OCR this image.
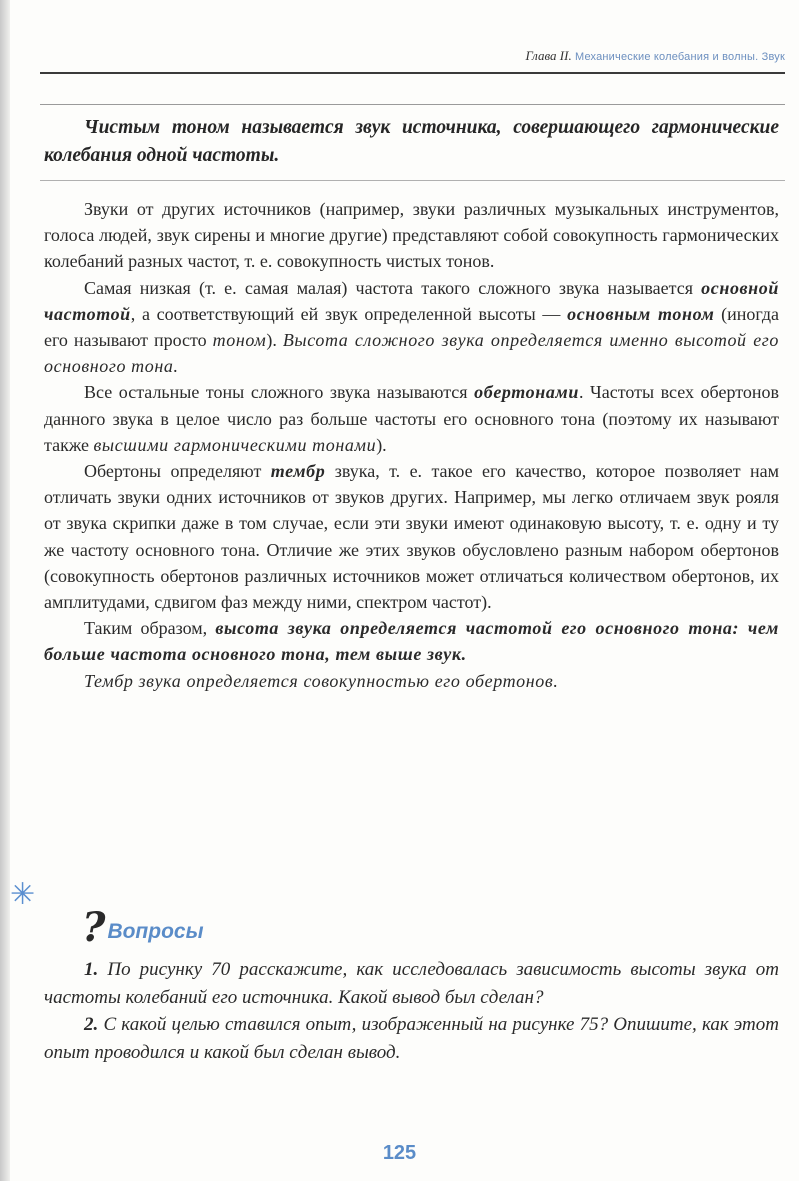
Глава II. Механические колебания и волны. Звук
Чистым тоном называется звук источника, совершающего гармонические колебания одной частоты.

Звуки от других источников (например, звуки различных музыкальных инструментов, голоса людей, звук сирены и многие другие) представляют собой совокупность гармонических колебаний разных частот, т. е. совокупность чистых тонов.

Самая низкая (т. е. самая малая) частота такого сложного звука называется основной частотой, а соответствующий ей звук определенной высоты — основным тоном (иногда его называют просто тоном). Высота сложного звука определяется именно высотой его основного тона.

Все остальные тоны сложного звука называются обертонами. Частоты всех обертонов данного звука в целое число раз больше частоты его основного тона (поэтому их называют также высшими гармоническими тонами).

Обертоны определяют тембр звука, т. е. такое его качество, которое позволяет нам отличать звуки одних источников от звуков других. Например, мы легко отличаем звук рояля от звука скрипки даже в том случае, если эти звуки имеют одинаковую высоту, т. е. одну и ту же частоту основного тона. Отличие же этих звуков обусловлено разным набором обертонов (совокупность обертонов различных источников может отличаться количеством обертонов, их амплитудами, сдвигом фаз между ними, спектром частот).

Таким образом, высота звука определяется частотой его основного тона: чем больше частота основного тона, тем выше звук.

Тембр звука определяется совокупностью его обертонов.

✳
? Вопросы

1. По рисунку 70 расскажите, как исследовалась зависимость высоты звука от частоты колебаний его источника. Какой вывод был сделан?

2. С какой целью ставился опыт, изображенный на рисунке 75? Опишите, как этот опыт проводился и какой был сделан вывод.

125
